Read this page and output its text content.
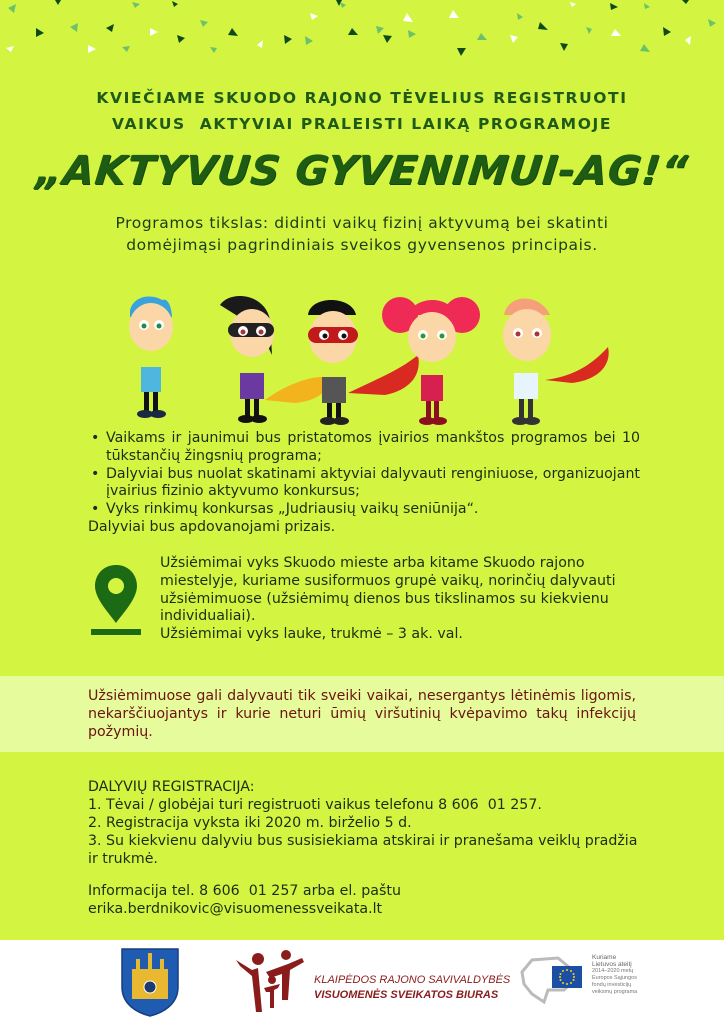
KVIEČIAME SKUODO RAJONO TĖVELIUS REGISTRUOTI
VAIKUS  AKTYVIAI PRALEISTI LAIKĄ PROGRAMOJE
„AKTYVUS GYVENIMUI-AG!“
Programos tikslas: didinti vaikų fizinį aktyvumą bei skatinti
domėjimąsi pagrindiniais sveikos gyvensenos principais.
• Vaikams ir jaunimui bus pristatomos įvairios mankštos programos bei 10 tūkstančių žingsnių programa;
• Dalyviai bus nuolat skatinami aktyviai dalyvauti renginiuose, organizuojant įvairius fizinio aktyvumo konkursus;
• Vyks rinkimų konkursas „Judriausių vaikų seniūnija“.
Dalyviai bus apdovanojami prizais.
Užsiėmimai vyks Skuodo mieste arba kitame Skuodo rajono miestelyje, kuriame susiformuos grupė vaikų, norinčių dalyvauti užsiėmimuose (užsiėmimų dienos bus tikslinamos su kiekvienu individualiai).
Užsiėmimai vyks lauke, trukmė – 3 ak. val.
Užsiėmimuose gali dalyvauti tik sveiki vaikai, nesergantys lėtinėmis ligomis, nekarščiuojantys ir kurie neturi ūmių viršutinių kvėpavimo takų infekcijų požymių.

DALYVIŲ REGISTRACIJA:

1. Tėvai / globėjai turi registruoti vaikus telefonu 8 606  01 257.

2. Registracija vyksta iki 2020 m. birželio 5 d.

3. Su kiekvienu dalyviu bus susisiekiama atskirai ir pranešama veiklų pradžia ir trukmė.

Informacija tel. 8 606  01 257 arba el. paštu

erika.berdnikovic@visuomenessveikata.lt

KLAIPĖDOS RAJONO SAVIVALDYBĖS
VISUOMENĖS SVEIKATOS BIURAS
Kuriame
Lietuvos ateitį
2014–2020 metų
Europos Sąjungos
fondų investicijų
veiksmų programa
